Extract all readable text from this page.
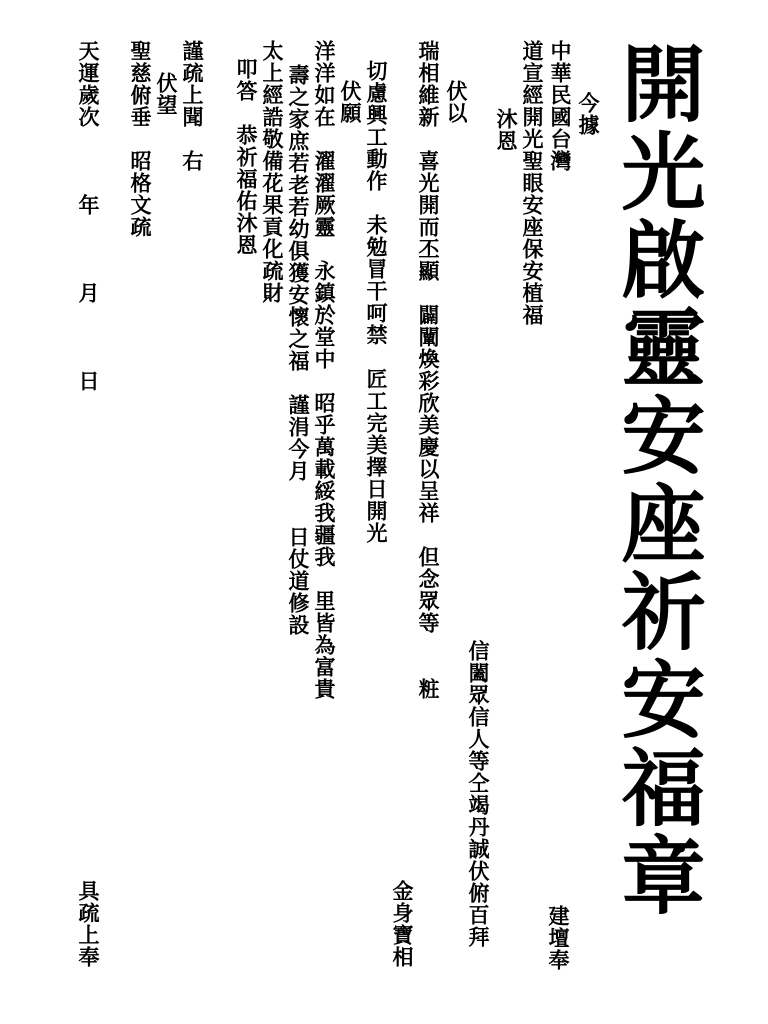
開光啟靈安座祈安福章
今據
中華民國台灣
道宣經開光聖眼安座保安植福
沐恩
信闔眾信人等仝竭丹誠伏俯百拜	建壇奉
伏以
瑞相維新　喜光開而丕顯　闢闡煥彩欣美慶以呈祥　但念眾等　　粧
金身寶相
切慮興工動作　未勉冒干呵禁　匠工完美擇日開光
伏願
洋洋如在　濯濯厥靈　永鎮於堂中　昭乎萬載綏我疆我　里皆為富貴
壽之家庶若老若幼俱獲安懷之福　謹涓今月　　日仗道修設
太上經誥敬備花果貢化疏財
叩答　恭祈福佑沐恩
謹疏上聞　右
伏望
聖慈俯垂　昭格文疏
天運歲次　　　年　　　月　　　日
具疏上奉
